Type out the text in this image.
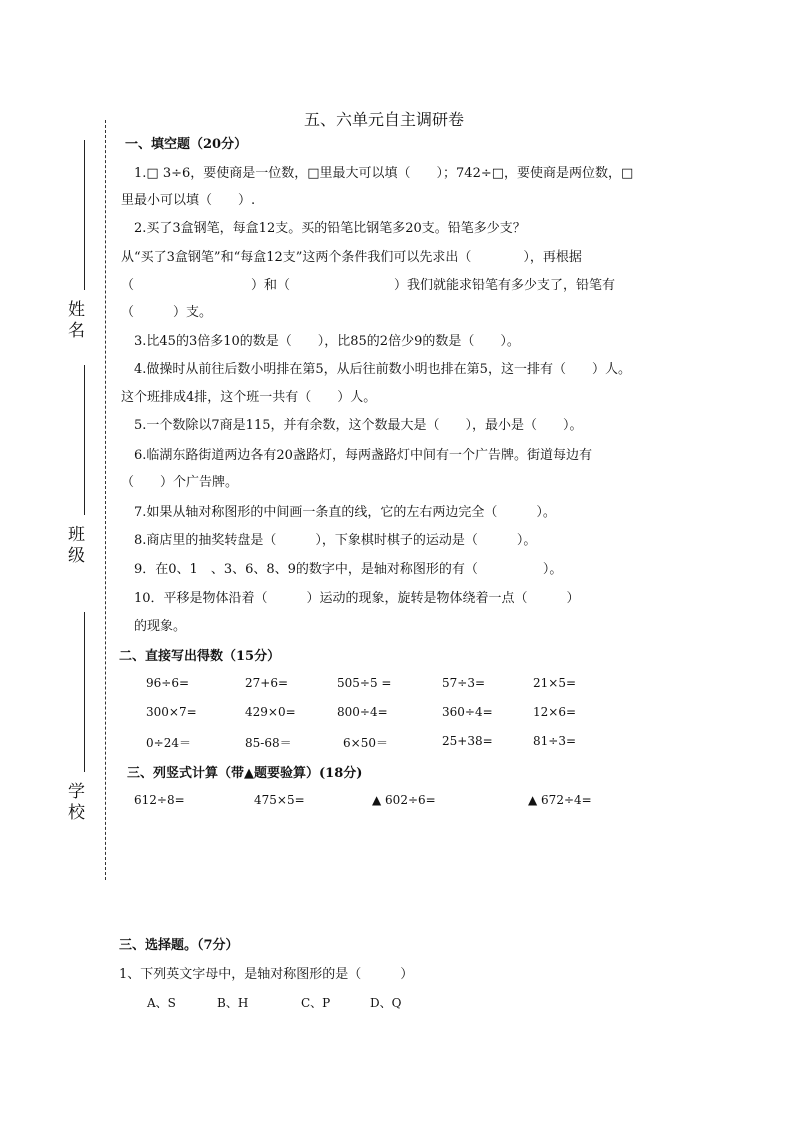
姓名
班级
学校
五、六单元自主调研卷
一、填空题（20分）
1.□ 3÷6，要使商是一位数，□里最大可以填（　　）；742÷□，要使商是两位数，□
里最小可以填（　　）.
2.买了3盒钢笔，每盒12支。买的铅笔比钢笔多20支。铅笔多少支？
从“买了3盒钢笔”和“每盒12支”这两个条件我们可以先求出（　　　　），再根据
（　　　　　　　　　）和（　　　　　　　　）我们就能求铅笔有多少支了，铅笔有
（　　　）支。
3.比45的3倍多10的数是（　　），比85的2倍少9的数是（　　）。
4.做操时从前往后数小明排在第5，从后往前数小明也排在第5，这一排有（　　）人。
这个班排成4排，这个班一共有（　　）人。
5.一个数除以7商是115，并有余数，这个数最大是（　　），最小是（　　）。
6.临湖东路街道两边各有20盏路灯，每两盏路灯中间有一个广告牌。街道每边有
（　　）个广告牌。
7.如果从轴对称图形的中间画一条直的线，它的左右两边完全（　　　）。
8.商店里的抽奖转盘是（　　　），下象棋时棋子的运动是（　　　）。
9．在0、1　、3、6、8、9的数字中，是轴对称图形的有（　　　　　）。
10．平移是物体沿着（　　　）运动的现象，旋转是物体绕着一点（　　　）
的现象。
二、直接写出得数（15分）
96÷6=	27+6=	505÷5 =	57÷3=	21×5=
300×7=	429×0=	800÷4=	360÷4=	12×6=
0÷24＝	85-68＝	6×50＝	25+38=	81÷3=
三、列竖式计算（带▲题要验算）(18分)
612÷8=	475×5=	▲ 602÷6=	▲ 672÷4=
三、选择题。（7分）
1、下列英文字母中，是轴对称图形的是（　　　）
A、S	B、H	C、P	D、Q
